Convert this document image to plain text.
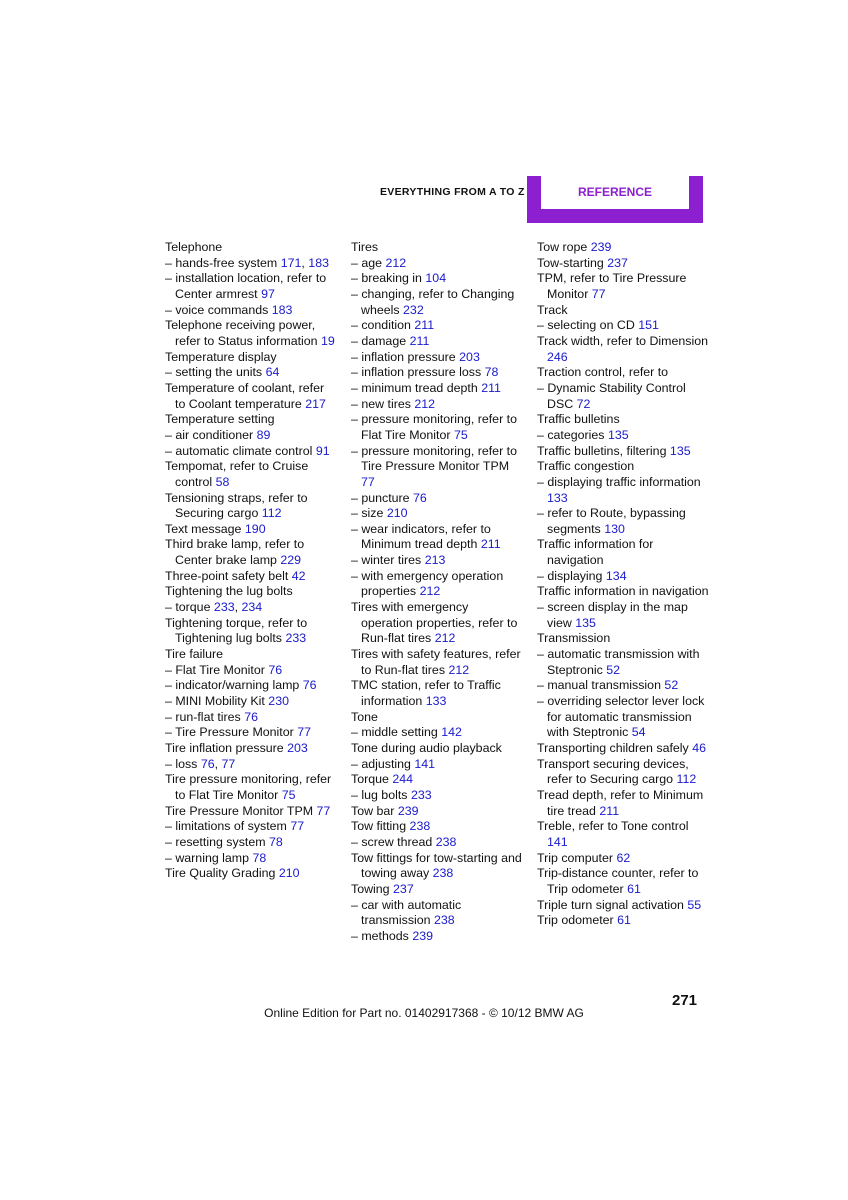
EVERYTHING FROM A TO Z	REFERENCE
Telephone
– hands-free system 171, 183
– installation location, refer to Center armrest 97
– voice commands 183
Telephone receiving power, refer to Status information 19
Temperature display
– setting the units 64
Temperature of coolant, refer to Coolant temperature 217
Temperature setting
– air conditioner 89
– automatic climate control 91
Tempomat, refer to Cruise control 58
Tensioning straps, refer to Securing cargo 112
Text message 190
Third brake lamp, refer to Center brake lamp 229
Three-point safety belt 42
Tightening the lug bolts
– torque 233, 234
Tightening torque, refer to Tightening lug bolts 233
Tire failure
– Flat Tire Monitor 76
– indicator/warning lamp 76
– MINI Mobility Kit 230
– run-flat tires 76
– Tire Pressure Monitor 77
Tire inflation pressure 203
– loss 76, 77
Tire pressure monitoring, refer to Flat Tire Monitor 75
Tire Pressure Monitor TPM 77
– limitations of system 77
– resetting system 78
– warning lamp 78
Tire Quality Grading 210
Tires
– age 212
– breaking in 104
– changing, refer to Changing wheels 232
– condition 211
– damage 211
– inflation pressure 203
– inflation pressure loss 78
– minimum tread depth 211
– new tires 212
– pressure monitoring, refer to Flat Tire Monitor 75
– pressure monitoring, refer to Tire Pressure Monitor TPM 77
– puncture 76
– size 210
– wear indicators, refer to Minimum tread depth 211
– winter tires 213
– with emergency operation properties 212
Tires with emergency operation properties, refer to Run-flat tires 212
Tires with safety features, refer to Run-flat tires 212
TMC station, refer to Traffic information 133
Tone
– middle setting 142
Tone during audio playback
– adjusting 141
Torque 244
– lug bolts 233
Tow bar 239
Tow fitting 238
– screw thread 238
Tow fittings for tow-starting and towing away 238
Towing 237
– car with automatic transmission 238
– methods 239
Tow rope 239
Tow-starting 237
TPM, refer to Tire Pressure Monitor 77
Track
– selecting on CD 151
Track width, refer to Dimension 246
Traction control, refer to
– Dynamic Stability Control DSC 72
Traffic bulletins
– categories 135
Traffic bulletins, filtering 135
Traffic congestion
– displaying traffic information 133
– refer to Route, bypassing segments 130
Traffic information for navigation
– displaying 134
Traffic information in navigation
– screen display in the map view 135
Transmission
– automatic transmission with Steptronic 52
– manual transmission 52
– overriding selector lever lock for automatic transmission with Steptronic 54
Transporting children safely 46
Transport securing devices, refer to Securing cargo 112
Tread depth, refer to Minimum tire tread 211
Treble, refer to Tone control 141
Trip computer 62
Trip-distance counter, refer to Trip odometer 61
Triple turn signal activation 55
Trip odometer 61
271
Online Edition for Part no. 01402917368 - © 10/12 BMW AG
